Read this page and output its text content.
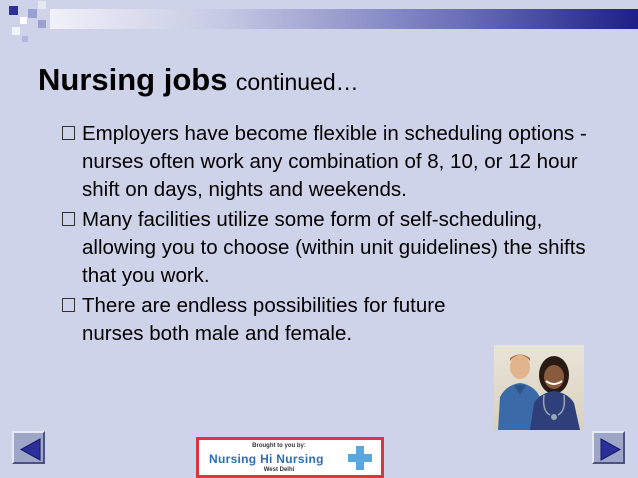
Nursing jobs continued…
Employers have become flexible in scheduling options - nurses often work any combination of 8, 10, or 12 hour shift on days, nights and weekends.
Many facilities utilize some form of self-scheduling, allowing you to choose (within unit guidelines) the shifts that you work.
There are endless possibilities for future nurses both male and female.
Brought to you by:
Nursing Hi Nursing
West Delhi
